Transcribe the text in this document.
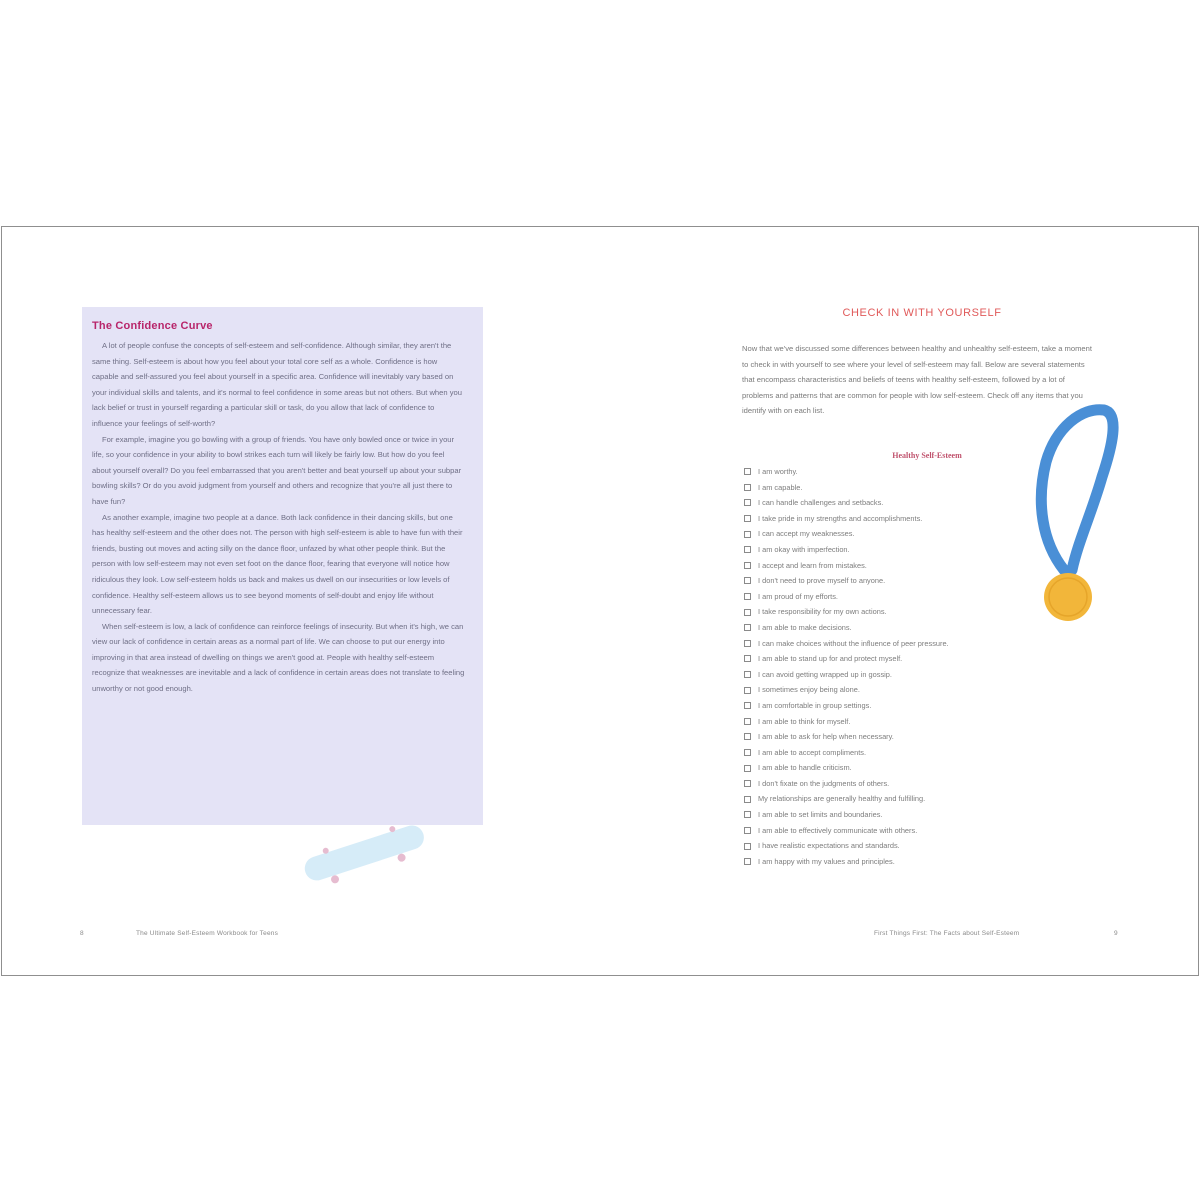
The Confidence Curve

A lot of people confuse the concepts of self-esteem and self-confidence. Although similar, they aren't the same thing. Self-esteem is about how you feel about your total core self as a whole. Confidence is how capable and self-assured you feel about yourself in a specific area. Confidence will inevitably vary based on your individual skills and talents, and it's normal to feel confidence in some areas but not others. But when you lack belief or trust in yourself regarding a particular skill or task, do you allow that lack of confidence to influence your feelings of self-worth?

For example, imagine you go bowling with a group of friends. You have only bowled once or twice in your life, so your confidence in your ability to bowl strikes each turn will likely be fairly low. But how do you feel about yourself overall? Do you feel embarrassed that you aren't better and beat yourself up about your subpar bowling skills? Or do you avoid judgment from yourself and others and recognize that you're all just there to have fun?

As another example, imagine two people at a dance. Both lack confidence in their dancing skills, but one has healthy self-esteem and the other does not. The person with high self-esteem is able to have fun with their friends, busting out moves and acting silly on the dance floor, unfazed by what other people think. But the person with low self-esteem may not even set foot on the dance floor, fearing that everyone will notice how ridiculous they look. Low self-esteem holds us back and makes us dwell on our insecurities or low levels of confidence. Healthy self-esteem allows us to see beyond moments of self-doubt and enjoy life without unnecessary fear.

When self-esteem is low, a lack of confidence can reinforce feelings of insecurity. But when it's high, we can view our lack of confidence in certain areas as a normal part of life. We can choose to put our energy into improving in that area instead of dwelling on things we aren't good at. People with healthy self-esteem recognize that weaknesses are inevitable and a lack of confidence in certain areas does not translate to feeling unworthy or not good enough.

8	The Ultimate Self-Esteem Workbook for Teens
CHECK IN WITH YOURSELF

Now that we've discussed some differences between healthy and unhealthy self-esteem, take a moment to check in with yourself to see where your level of self-esteem may fall. Below are several statements that encompass characteristics and beliefs of teens with healthy self-esteem, followed by a lot of problems and patterns that are common for people with low self-esteem. Check off any items that you identify with on each list.

Healthy Self-Esteem
I am worthy.
I am capable.
I can handle challenges and setbacks.
I take pride in my strengths and accomplishments.
I can accept my weaknesses.
I am okay with imperfection.
I accept and learn from mistakes.
I don't need to prove myself to anyone.
I am proud of my efforts.
I take responsibility for my own actions.
I am able to make decisions.
I can make choices without the influence of peer pressure.
I am able to stand up for and protect myself.
I can avoid getting wrapped up in gossip.
I sometimes enjoy being alone.
I am comfortable in group settings.
I am able to think for myself.
I am able to ask for help when necessary.
I am able to accept compliments.
I am able to handle criticism.
I don't fixate on the judgments of others.
My relationships are generally healthy and fulfilling.
I am able to set limits and boundaries.
I am able to effectively communicate with others.
I have realistic expectations and standards.
I am happy with my values and principles.
First Things First: The Facts about Self-Esteem	9
